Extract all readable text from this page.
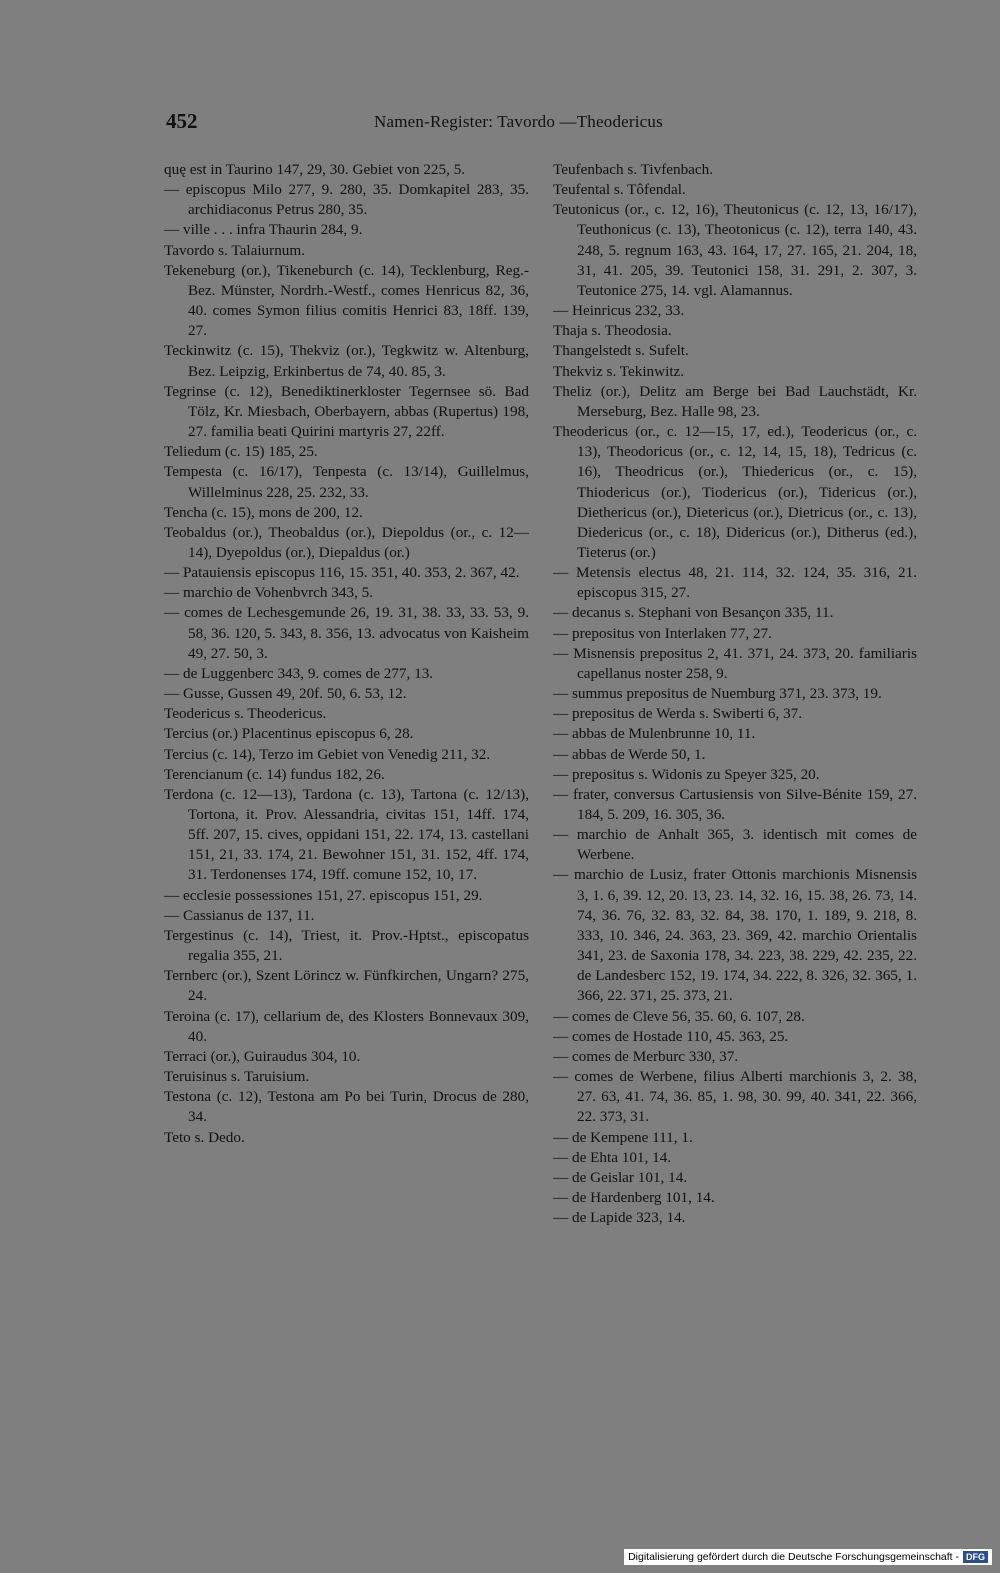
452	Namen-Register: Tavordo —Theodericus
quę est in Taurino 147, 29, 30. Gebiet von 225, 5.
— episcopus Milo 277, 9. 280, 35. Domkapitel 283, 35. archidiaconus Petrus 280, 35.
— ville . . . infra Thaurin 284, 9.
Tavordo s. Talaiurnum.
Tekeneburg (or.), Tikeneburch (c. 14), Tecklenburg, Reg.-Bez. Münster, Nordrh.-Westf., comes Henricus 82, 36, 40. comes Symon filius comitis Henrici 83, 18ff. 139, 27.
Teckinwitz (c. 15), Thekviz (or.), Tegkwitz w. Altenburg, Bez. Leipzig, Erkinbertus de 74, 40. 85, 3.
Tegrinse (c. 12), Benediktinerkloster Tegernsee sö. Bad Tölz, Kr. Miesbach, Oberbayern, abbas (Rupertus) 198, 27. familia beati Quirini martyris 27, 22ff.
Teliedum (c. 15) 185, 25.
Tempesta (c. 16/17), Tenpesta (c. 13/14), Guillelmus, Willelminus 228, 25. 232, 33.
Tencha (c. 15), mons de 200, 12.
Teobaldus (or.), Theobaldus (or.), Diepoldus (or., c. 12—14), Dyepoldus (or.), Diepaldus (or.)
— Patauiensis episcopus 116, 15. 351, 40. 353, 2. 367, 42.
— marchio de Vohenbvrch 343, 5.
— comes de Lechesgemunde 26, 19. 31, 38. 33, 33. 53, 9. 58, 36. 120, 5. 343, 8. 356, 13. advocatus von Kaisheim 49, 27. 50, 3.
— de Luggenberc 343, 9. comes de 277, 13.
— Gusse, Gussen 49, 20f. 50, 6. 53, 12.
Teodericus s. Theodericus.
Tercius (or.) Placentinus episcopus 6, 28.
Tercius (c. 14), Terzo im Gebiet von Venedig 211, 32.
Terencianum (c. 14) fundus 182, 26.
Terdona (c. 12—13), Tardona (c. 13), Tartona (c. 12/13), Tortona, it. Prov. Alessandria, civitas 151, 14ff. 174, 5ff. 207, 15. cives, oppidani 151, 22. 174, 13. castellani 151, 21, 33. 174, 21. Bewohner 151, 31. 152, 4ff. 174, 31. Terdonenses 174, 19ff. comune 152, 10, 17.
— ecclesie possessiones 151, 27. episcopus 151, 29.
— Cassianus de 137, 11.
Tergestinus (c. 14), Triest, it. Prov.-Hptst., episcopatus regalia 355, 21.
Ternberc (or.), Szent Lörincz w. Fünfkirchen, Ungarn? 275, 24.
Teroina (c. 17), cellarium de, des Klosters Bonnevaux 309, 40.
Terraci (or.), Guiraudus 304, 10.
Teruisinus s. Taruisium.
Testona (c. 12), Testona am Po bei Turin, Drocus de 280, 34.
Teto s. Dedo.
Teufenbach s. Tivfenbach.
Teufental s. Tôfendal.
Teutonicus (or., c. 12, 16), Theutonicus (c. 12, 13, 16/17), Teuthonicus (c. 13), Theotonicus (c. 12), terra 140, 43. 248, 5. regnum 163, 43. 164, 17, 27. 165, 21. 204, 18, 31, 41. 205, 39. Teutonici 158, 31. 291, 2. 307, 3. Teutonice 275, 14. vgl. Alamannus.
— Heinricus 232, 33.
Thaja s. Theodosia.
Thangelstedt s. Sufelt.
Thekviz s. Tekinwitz.
Theliz (or.), Delitz am Berge bei Bad Lauchstädt, Kr. Merseburg, Bez. Halle 98, 23.
Theodericus (or., c. 12—15, 17, ed.), Teodericus (or., c. 13), Theodoricus (or., c. 12, 14, 15, 18), Tedricus (c. 16), Theodricus (or.), Thiedericus (or., c. 15), Thiodericus (or.), Tiodericus (or.), Tidericus (or.), Diethericus (or.), Dietericus (or.), Dietricus (or., c. 13), Diedericus (or., c. 18), Didericus (or.), Ditherus (ed.), Tieterus (or.)
— Metensis electus 48, 21. 114, 32. 124, 35. 316, 21. episcopus 315, 27.
— decanus s. Stephani von Besançon 335, 11.
— prepositus von Interlaken 77, 27.
— Misnensis prepositus 2, 41. 371, 24. 373, 20. familiaris capellanus noster 258, 9.
— summus prepositus de Nuemburg 371, 23. 373, 19.
— prepositus de Werda s. Swiberti 6, 37.
— abbas de Mulenbrunne 10, 11.
— abbas de Werde 50, 1.
— prepositus s. Widonis zu Speyer 325, 20.
— frater, conversus Cartusiensis von Silve-Bénite 159, 27. 184, 5. 209, 16. 305, 36.
— marchio de Anhalt 365, 3. identisch mit comes de Werbene.
— marchio de Lusiz, frater Ottonis marchionis Misnensis 3, 1. 6, 39. 12, 20. 13, 23. 14, 32. 16, 15. 38, 26. 73, 14. 74, 36. 76, 32. 83, 32. 84, 38. 170, 1. 189, 9. 218, 8. 333, 10. 346, 24. 363, 23. 369, 42. marchio Orientalis 341, 23. de Saxonia 178, 34. 223, 38. 229, 42. 235, 22. de Landesberc 152, 19. 174, 34. 222, 8. 326, 32. 365, 1. 366, 22. 371, 25. 373, 21.
— comes de Cleve 56, 35. 60, 6. 107, 28.
— comes de Hostade 110, 45. 363, 25.
— comes de Merburc 330, 37.
— comes de Werbene, filius Alberti marchionis 3, 2. 38, 27. 63, 41. 74, 36. 85, 1. 98, 30. 99, 40. 341, 22. 366, 22. 373, 31.
— de Kempene 111, 1.
— de Ehta 101, 14.
— de Geislar 101, 14.
— de Hardenberg 101, 14.
— de Lapide 323, 14.
Digitalisierung gefördert durch die Deutsche Forschungsgemeinschaft - DFG
